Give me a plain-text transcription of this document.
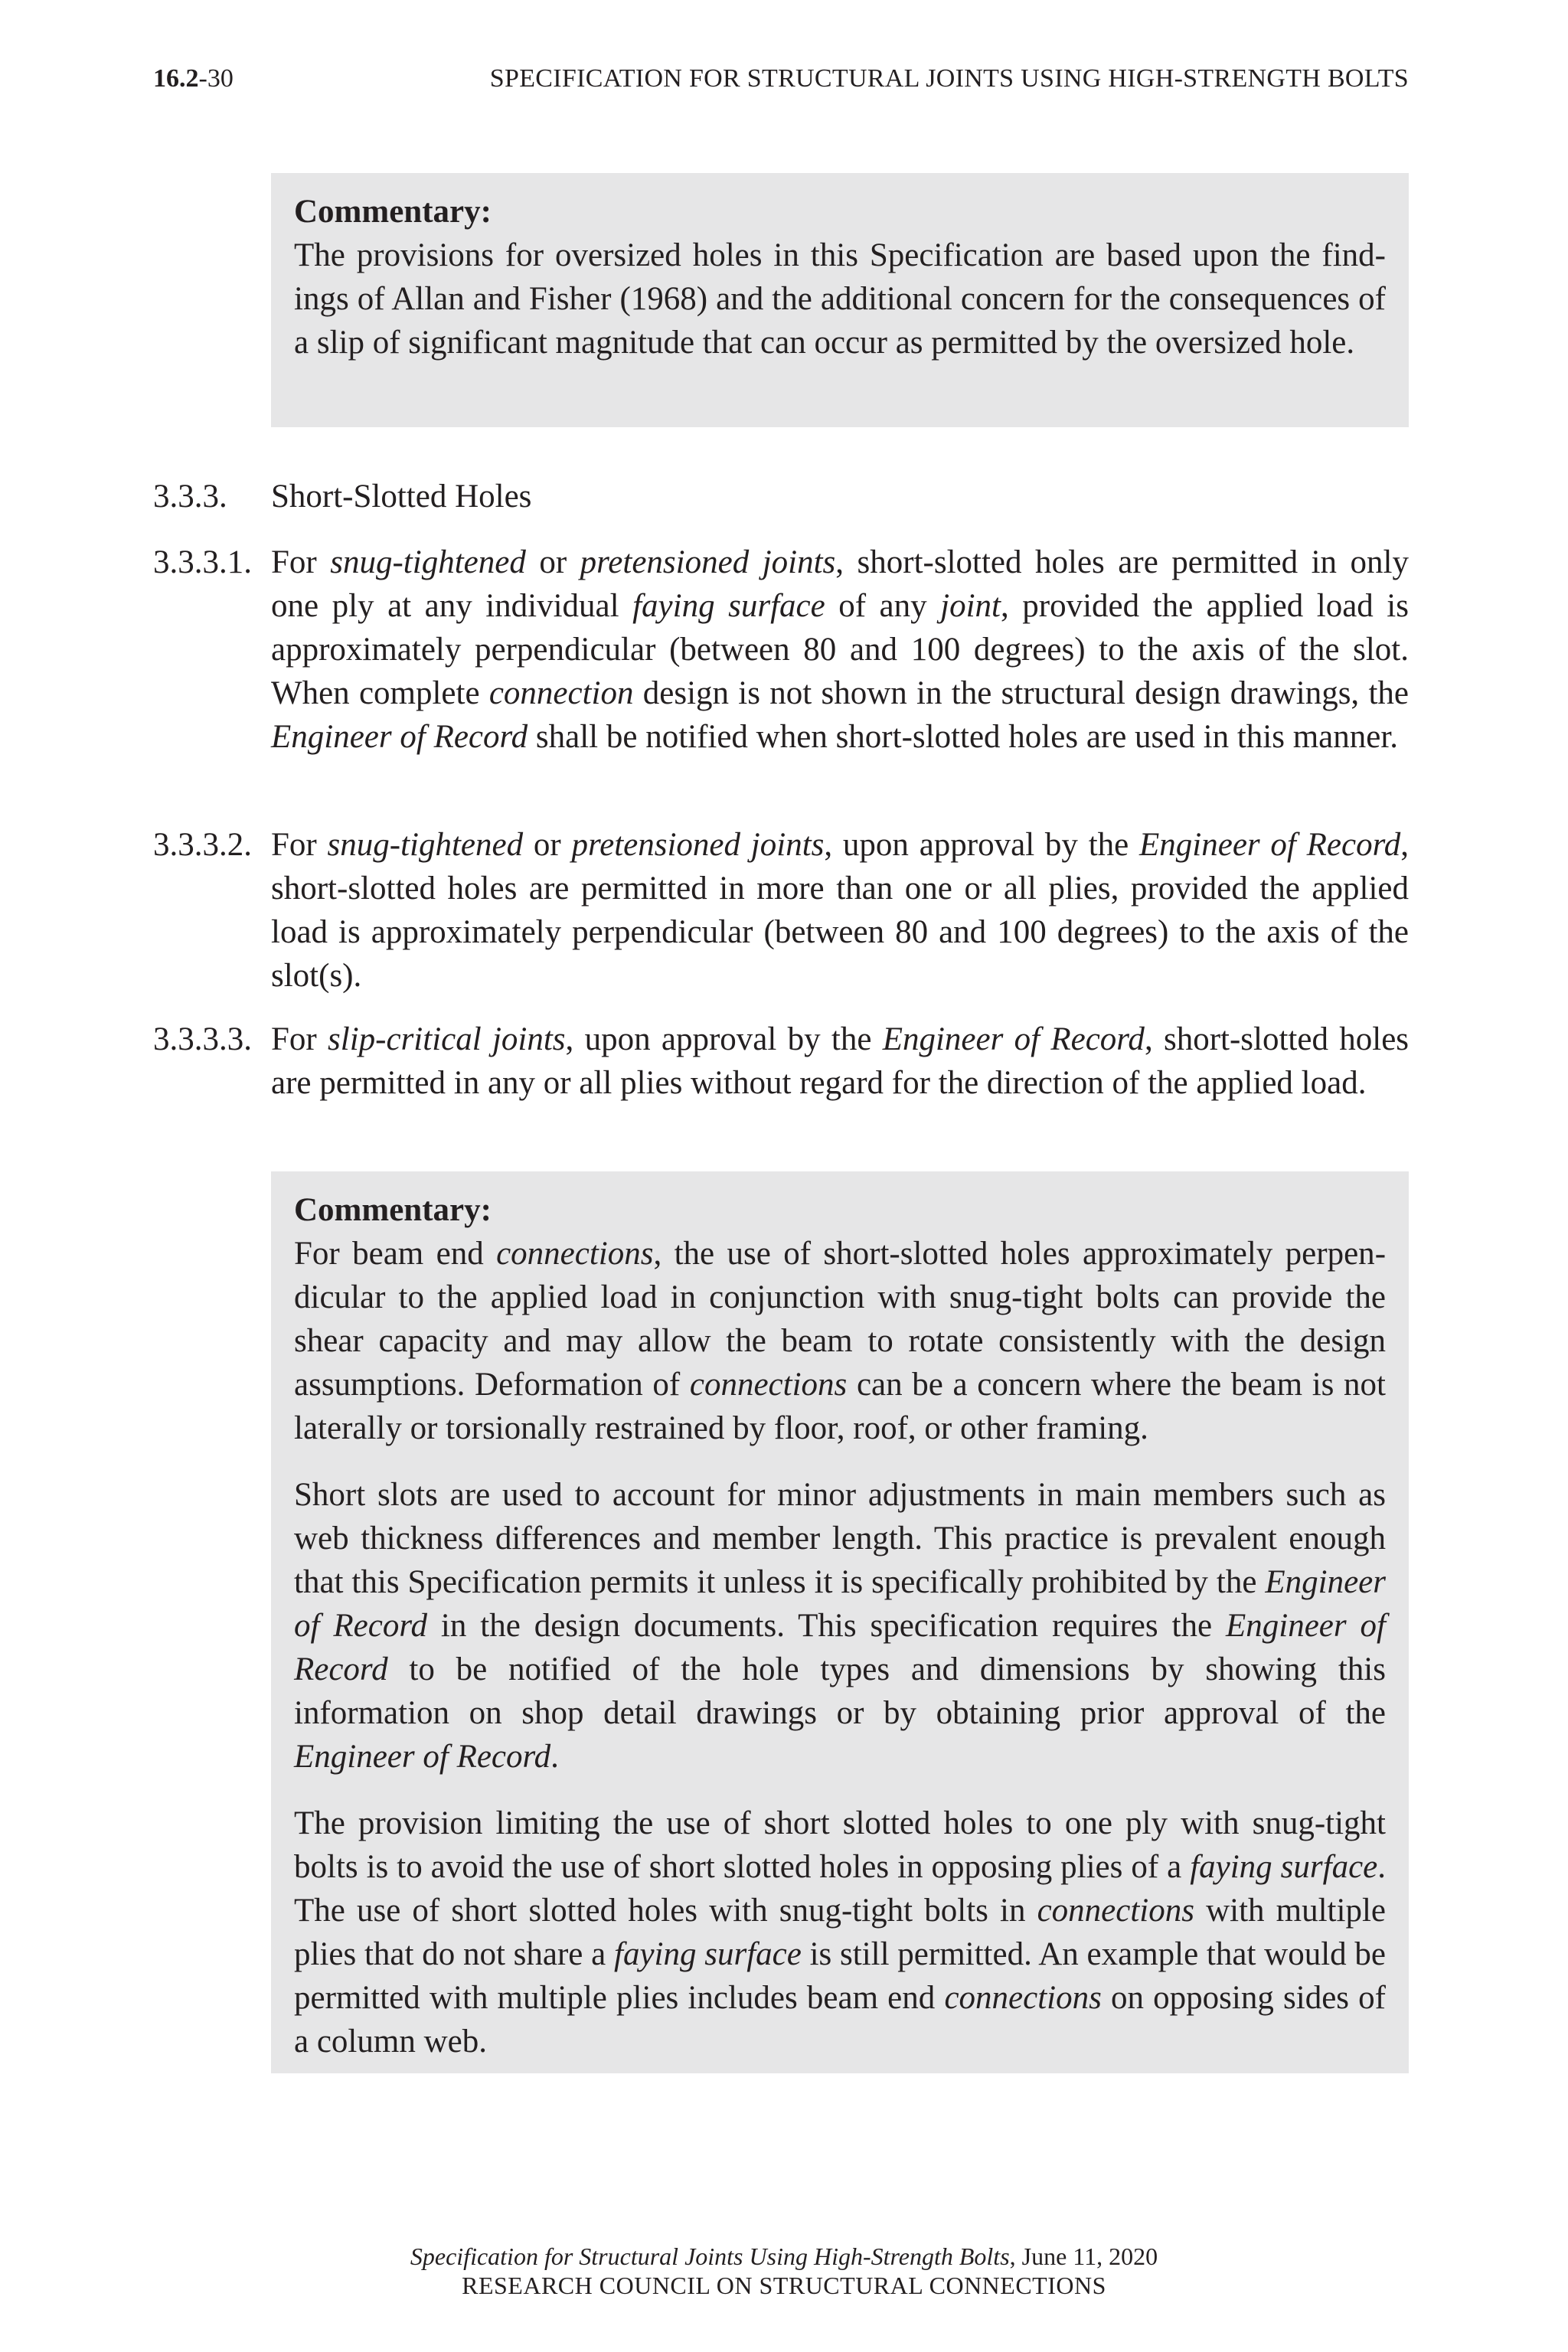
16.2-30	SPECIFICATION FOR STRUCTURAL JOINTS USING HIGH-STRENGTH BOLTS
Commentary:

The provisions for oversized holes in this Specification are based upon the findings of Allan and Fisher (1968) and the additional concern for the consequences of a slip of significant magnitude that can occur as permitted by the oversized hole.

3.3.3. Short-Slotted Holes

3.3.3.1. For snug-tightened or pretensioned joints, short-slotted holes are permitted in only one ply at any individual faying surface of any joint, provided the applied load is approximately perpendicular (between 80 and 100 degrees) to the axis of the slot. When complete connection design is not shown in the structural design drawings, the Engineer of Record shall be notified when short-slotted holes are used in this manner.

3.3.3.2. For snug-tightened or pretensioned joints, upon approval by the Engineer of Record, short-slotted holes are permitted in more than one or all plies, provided the applied load is approximately perpendicular (between 80 and 100 degrees) to the axis of the slot(s).

3.3.3.3. For slip-critical joints, upon approval by the Engineer of Record, short-slotted holes are permitted in any or all plies without regard for the direction of the applied load.

Commentary:

For beam end connections, the use of short-slotted holes approximately perpendicular to the applied load in conjunction with snug-tight bolts can provide the shear capacity and may allow the beam to rotate consistently with the design assumptions. Deformation of connections can be a concern where the beam is not laterally or torsionally restrained by floor, roof, or other framing.

Short slots are used to account for minor adjustments in main members such as web thickness differences and member length. This practice is prevalent enough that this Specification permits it unless it is specifically prohibited by the Engineer of Record in the design documents. This specification requires the Engineer of Record to be notified of the hole types and dimensions by showing this information on shop detail drawings or by obtaining prior approval of the Engineer of Record.

The provision limiting the use of short slotted holes to one ply with snug-tight bolts is to avoid the use of short slotted holes in opposing plies of a faying surface. The use of short slotted holes with snug-tight bolts in connections with multiple plies that do not share a faying surface is still permitted. An example that would be permitted with multiple plies includes beam end connections on opposing sides of a column web.

Specification for Structural Joints Using High-Strength Bolts, June 11, 2020
RESEARCH COUNCIL ON STRUCTURAL CONNECTIONS
